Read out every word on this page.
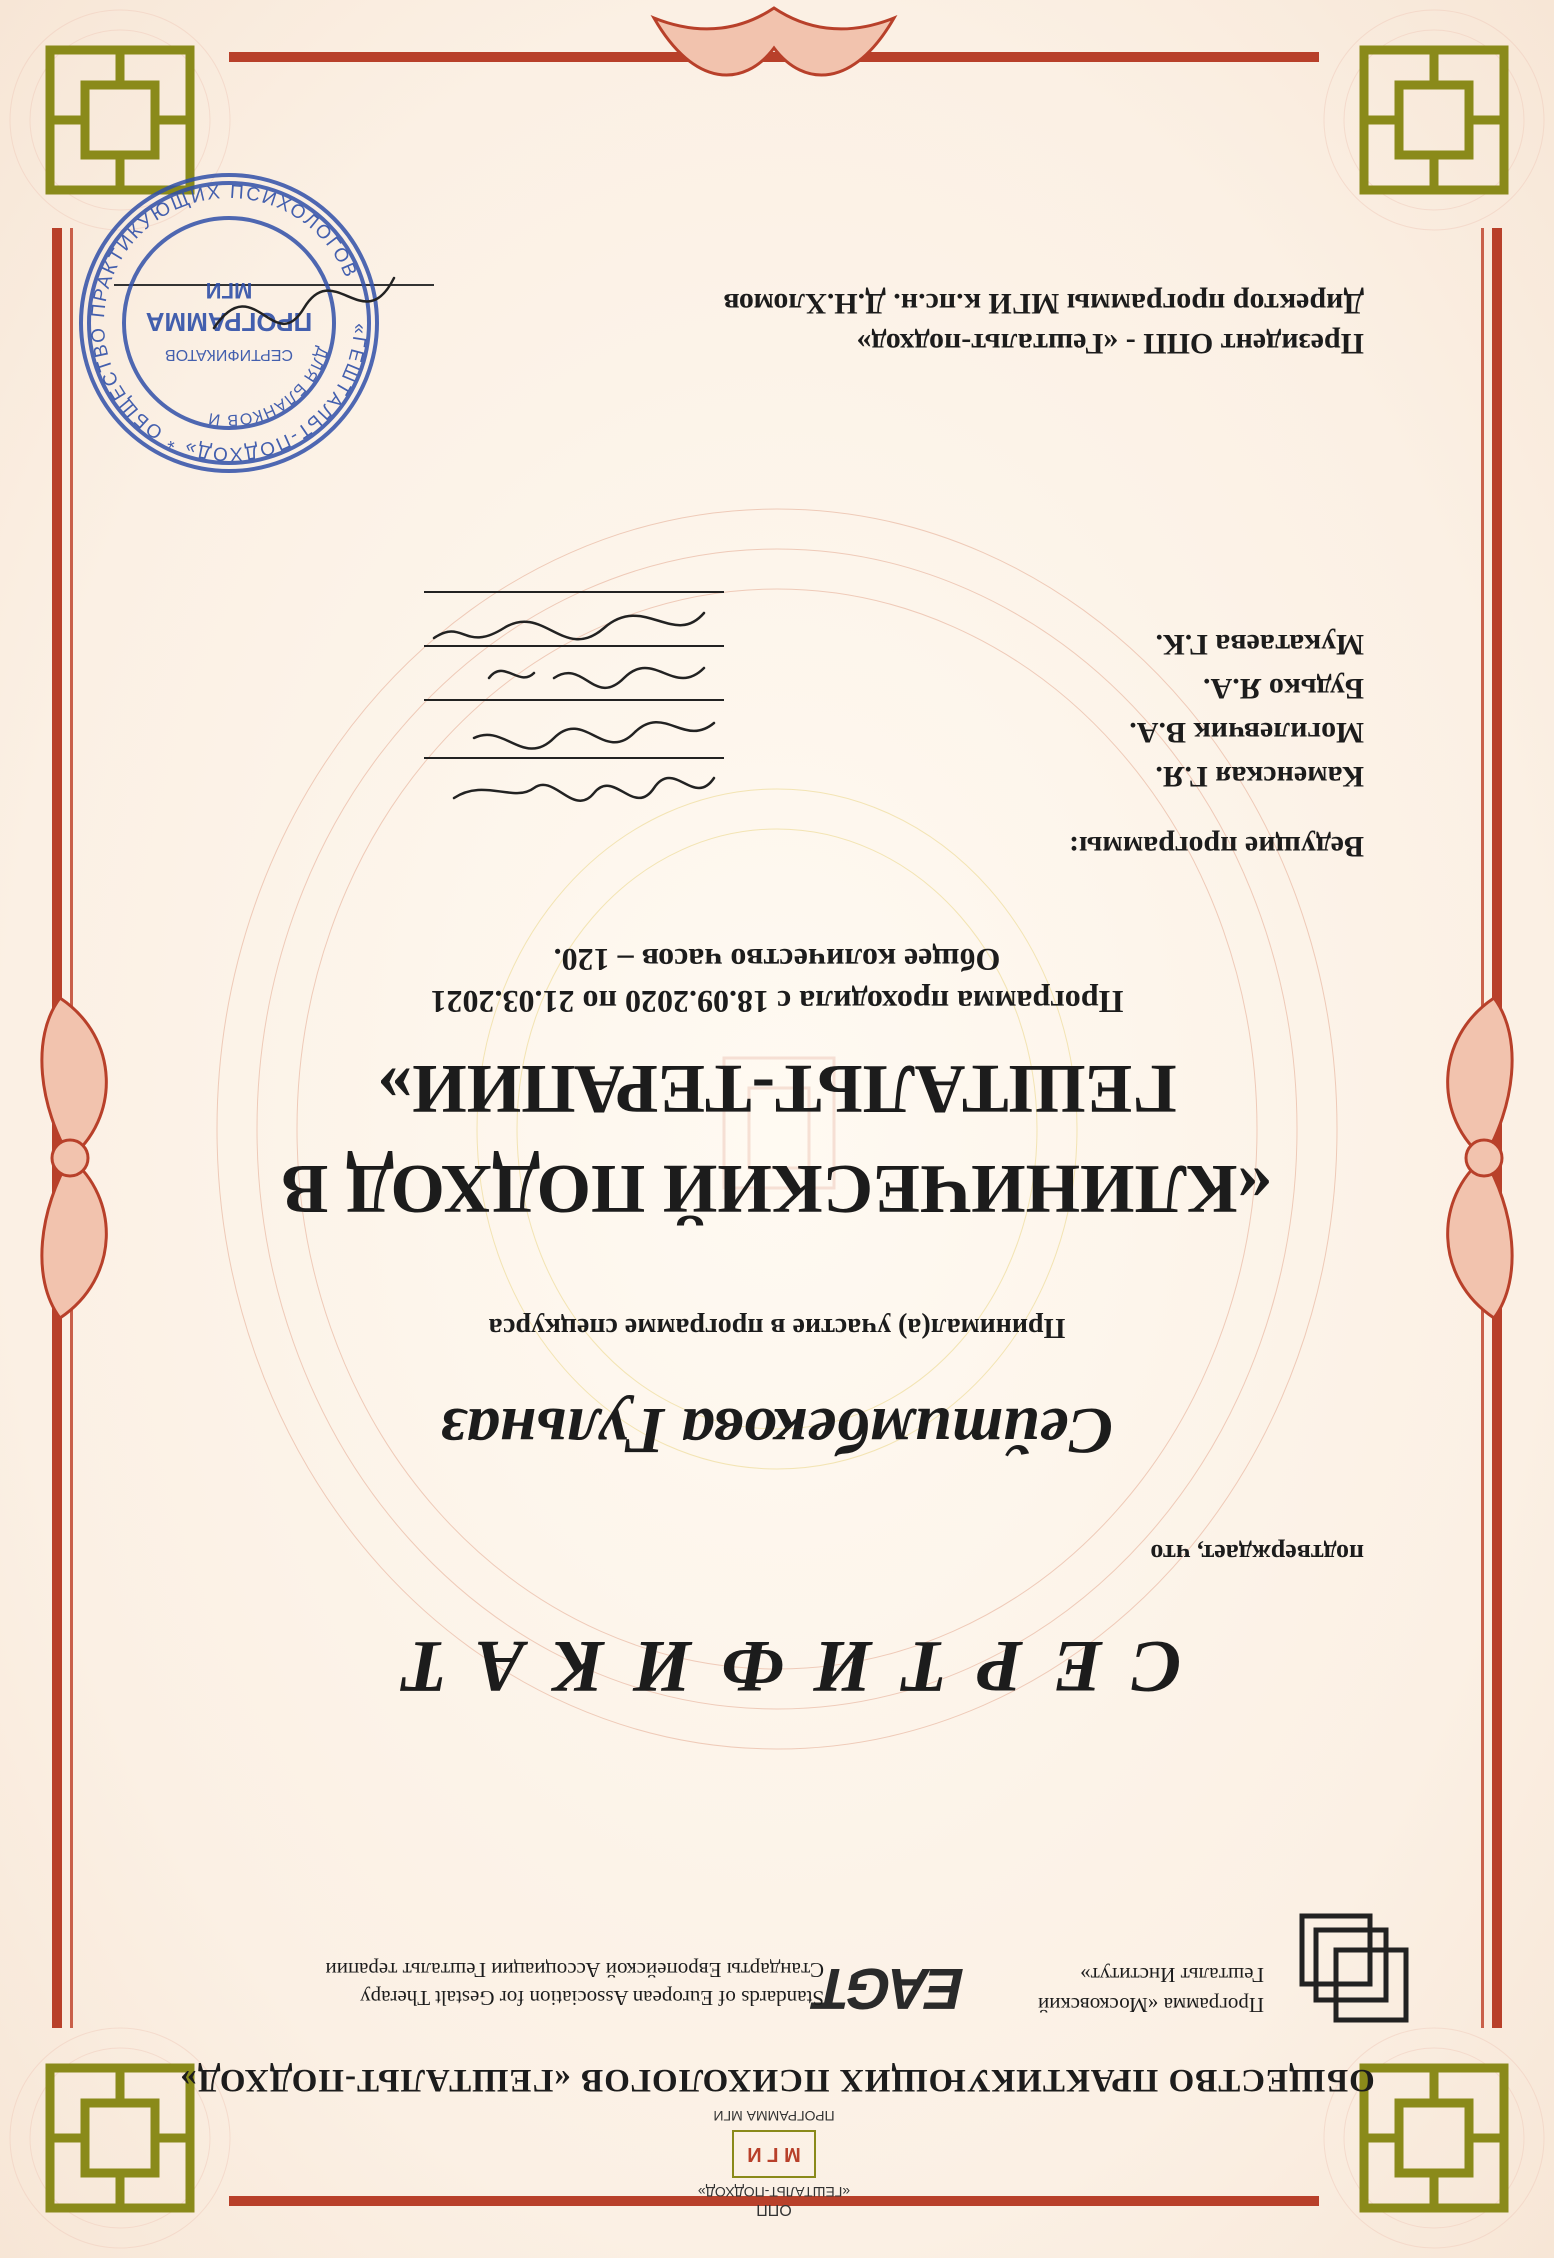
ОПП
«ГЕШТАЛЬТ-ПОДХОД»
М Г И
ПРОГРАММА МГИ
ОБЩЕСТВО ПРАКТИКУЮЩИХ ПСИХОЛОГОВ «ГЕШТАЛЬТ-ПОДХОД»
Программа «Московский
Гештальт Институт»
EAGT
Standards of European Association for Gestalt Therapy
Стандарты Европейской Ассоциации Гештальт терапии
СЕРТИФИКАТ
подтверждает, что
Сейтимбекова Гульназ
Принимал(а) участие в программе спецкурса
«КЛИНИЧЕСКИЙ ПОДХОД В
ГЕШТАЛЬТ-ТЕРАПИИ»
Программа проходила с 18.09.2020 по 21.03.2021
Общее количество часов – 120.
Ведущие программы:
Каменская Г.Я.
Могилевчик В.А.
Будько Я.А.
Мукатаева Г.К.
Президент ОПП - «Гештальт-подход»
Директор программы МГИ к.пс.н. Д.Н.Хломов
«ГЕШТАЛЬТ-ПОДХОД» * ОБЩЕСТВО ПРАКТИКУЮЩИХ ПСИХОЛОГОВ
ДЛЯ БЛАНКОВ И
СЕРТИФИКАТОВ
ПРОГРАММА
МГИ
